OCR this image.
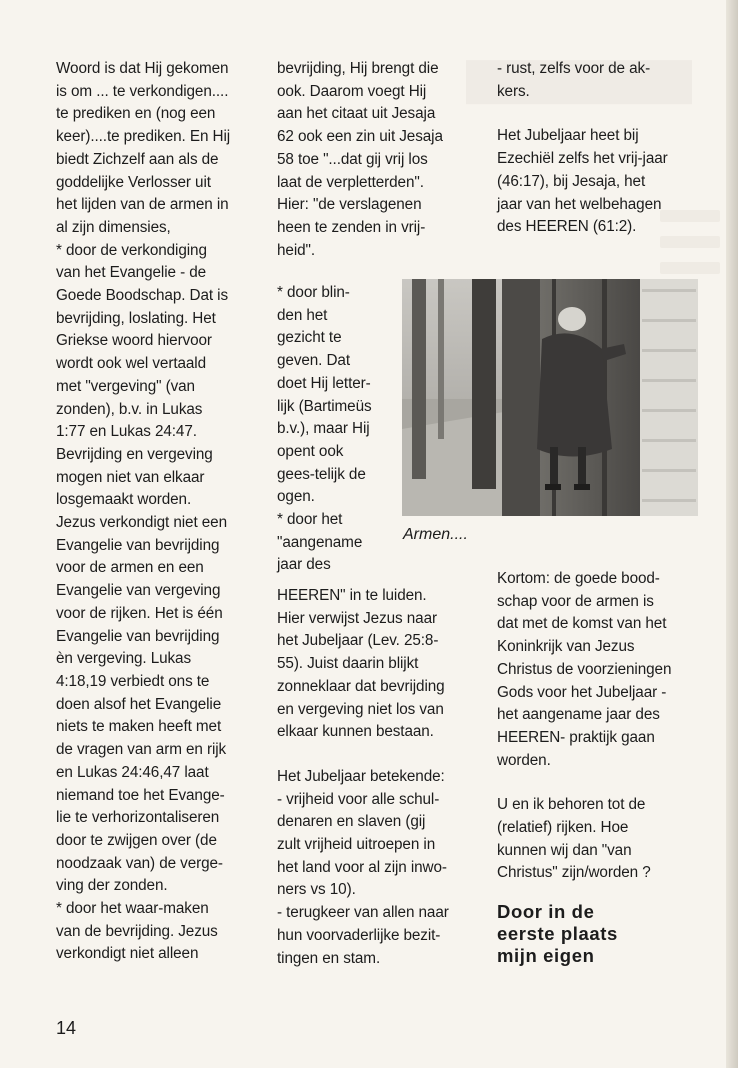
Woord is dat Hij gekomen

is om ... te verkondigen....

te prediken en (nog een

keer)....te prediken. En Hij

biedt Zichzelf aan als de

goddelijke Verlosser uit

het lijden van de armen in

al zijn dimensies,

* door de verkondiging

van het Evangelie - de

Goede Boodschap. Dat is

bevrijding, loslating. Het

Griekse woord hiervoor

wordt ook wel vertaald

met "vergeving" (van

zonden), b.v. in Lukas

1:77 en Lukas 24:47.

Bevrijding en vergeving

mogen niet van elkaar

losgemaakt worden.

Jezus verkondigt niet een

Evangelie van bevrijding

voor de armen en een

Evangelie van vergeving

voor de rijken. Het is één

Evangelie van bevrijding

èn vergeving. Lukas

4:18,19 verbiedt ons te

doen alsof het Evangelie

niets te maken heeft met

de vragen van arm en rijk

en Lukas 24:46,47 laat

niemand toe het Evange-

lie te verhorizontaliseren

door te zwijgen over (de

noodzaak van) de verge-

ving der zonden.

* door het waar-maken

van de bevrijding. Jezus

verkondigt niet alleen

bevrijding, Hij brengt die

ook. Daarom voegt Hij

aan het citaat uit Jesaja

62 ook een zin uit Jesaja

58 toe "...dat gij vrij los

laat de verpletterden".

Hier: "de verslagenen

heen te zenden in vrij-

heid".

* door blin-

den het

gezicht te

geven. Dat

doet Hij letter-

lijk (Bartimeüs

b.v.), maar Hij

opent ook

gees-telijk de

ogen.

* door het

"aangename

jaar des

HEEREN" in te luiden.

Hier verwijst Jezus naar

het Jubeljaar (Lev. 25:8-

55). Juist daarin blijkt

zonneklaar dat bevrijding

en vergeving niet los van

elkaar kunnen bestaan.

Het Jubeljaar betekende:

- vrijheid voor alle schul-

denaren en slaven (gij

zult vrijheid uitroepen in

het land voor al zijn inwo-

ners vs 10).

- terugkeer van allen naar

hun voorvaderlijke bezit-

tingen en stam.

- rust, zelfs voor de ak-

kers.

Het Jubeljaar heet bij

Ezechiël zelfs het vrij-jaar

(46:17), bij Jesaja, het

jaar van het welbehagen

des HEEREN (61:2).

Kortom: de goede bood-

schap voor de armen is

dat met de komst van het

Koninkrijk van Jezus

Christus de voorzieningen

Gods voor het Jubeljaar -

het aangename jaar des

HEEREN- praktijk gaan

worden.

U en ik behoren tot de

(relatief) rijken. Hoe

kunnen wij dan "van

Christus" zijn/worden ?

Door in de
eerste plaats
mijn eigen
Armen....
14
